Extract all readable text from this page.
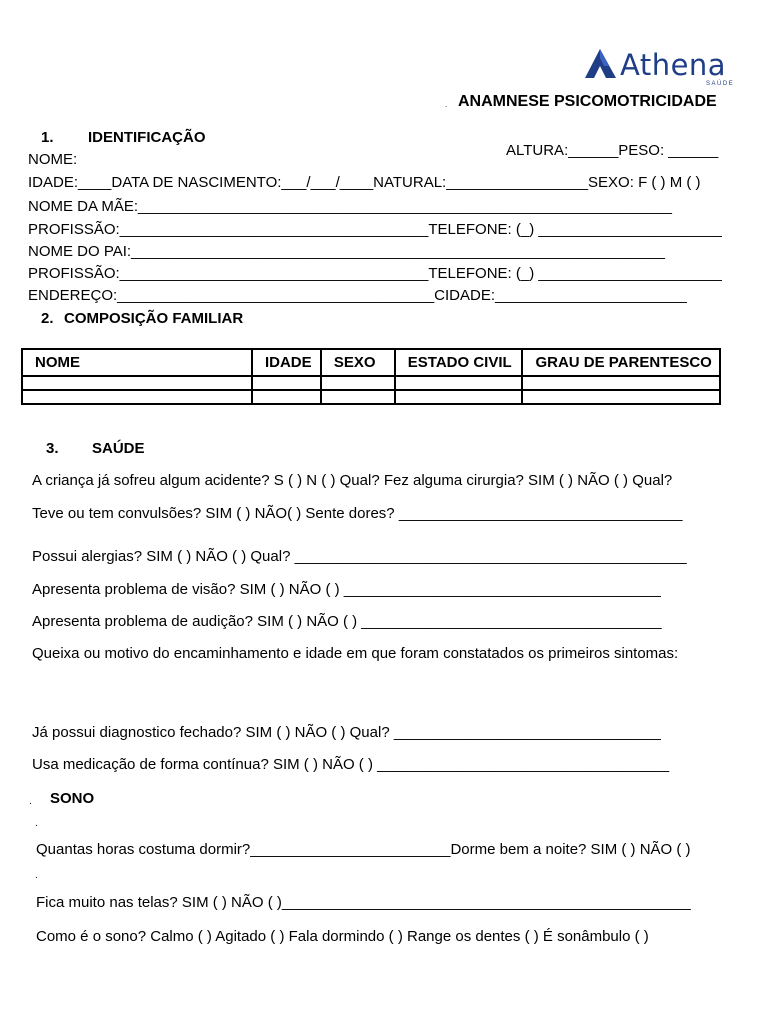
Athena
SAÚDE
. ANAMNESE PSICOMOTRICIDADE
1. IDENTIFICAÇÃO
ALTURA:______PESO: ______
NOME:
IDADE:____DATA DE NASCIMENTO:___/___/____NATURAL:_________________SEXO: F ( ) M ( )
NOME DA MÃE:________________________________________________________________
PROFISSÃO:_____________________________________TELEFONE: (_) ______________________
NOME DO PAI:________________________________________________________________
PROFISSÃO:_____________________________________TELEFONE: (_) ______________________
ENDEREÇO:______________________________________CIDADE:_______________________
2. COMPOSIÇÃO FAMILIAR
NOME	IDADE	SEXO	ESTADO CIVIL	GRAU DE PARENTESCO

3. SAÚDE
A criança já sofreu algum acidente? S ( ) N ( ) Qual? Fez alguma cirurgia? SIM ( ) NÃO ( ) Qual?
Teve ou tem convulsões? SIM ( ) NÃO( ) Sente dores? __________________________________
Possui alergias? SIM ( ) NÃO ( ) Qual? _______________________________________________
Apresenta problema de visão? SIM ( ) NÃO ( ) ______________________________________
Apresenta problema de audição? SIM ( ) NÃO ( ) ____________________________________
Queixa ou motivo do encaminhamento e idade em que foram constatados os primeiros sintomas:
Já possui diagnostico fechado? SIM ( ) NÃO ( ) Qual? ________________________________
Usa medicação de forma contínua? SIM ( ) NÃO ( ) ___________________________________
. SONO
.
Quantas horas costuma dormir?________________________Dorme bem a noite? SIM ( ) NÃO ( )
.
Fica muito nas telas? SIM ( ) NÃO ( )_________________________________________________
Como é o sono? Calmo ( ) Agitado ( ) Fala dormindo ( ) Range os dentes ( ) É sonâmbulo ( )
